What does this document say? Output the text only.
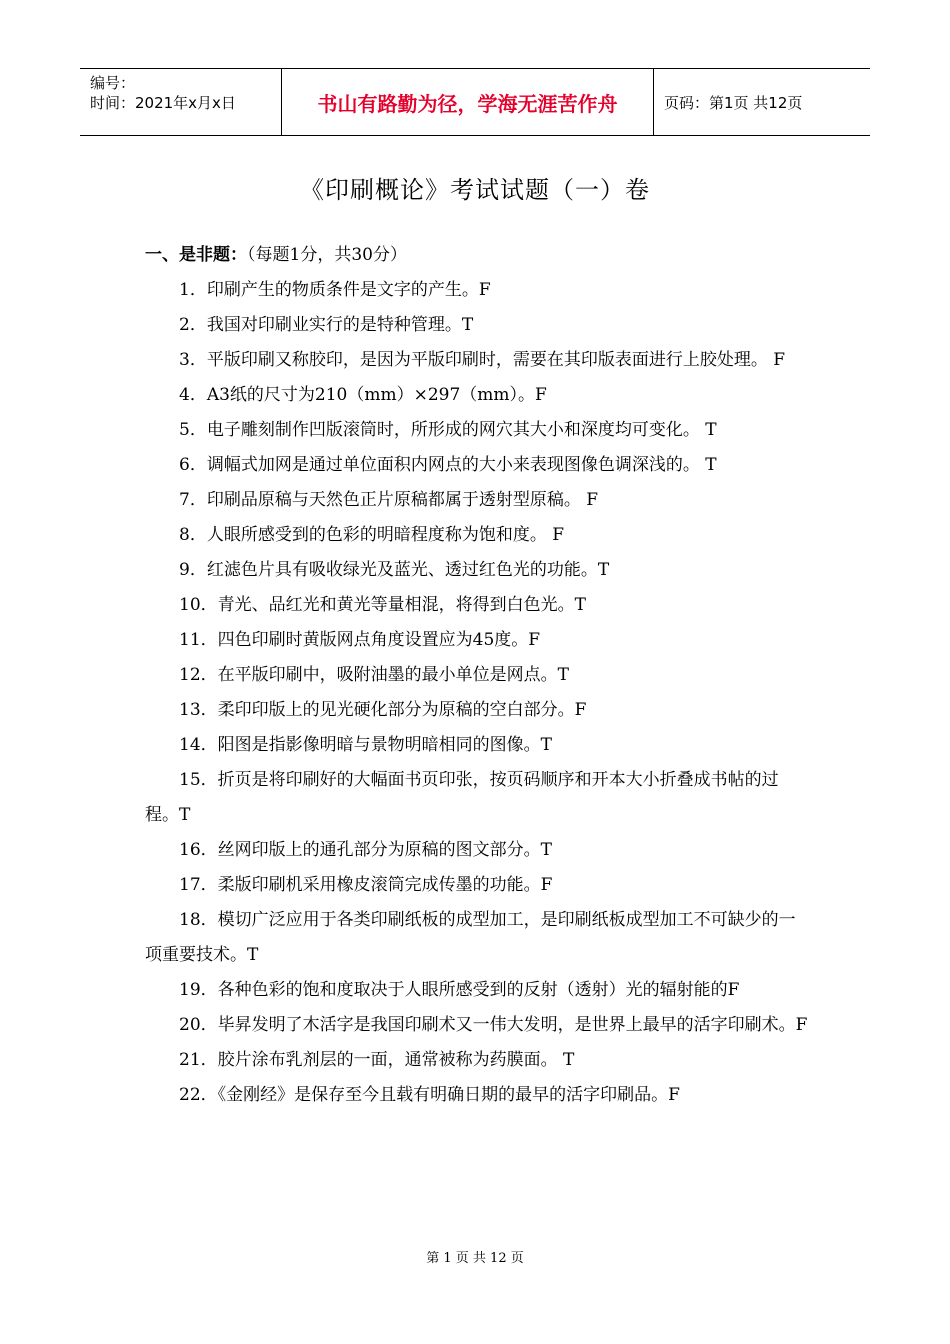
编号：
时间：2021年x月x日	书山有路勤为径，学海无涯苦作舟	页码：第1页 共12页
《印刷概论》考试试题（一）卷
一、是非题：（每题1分，共30分）

1．印刷产生的物质条件是文字的产生。F

2．我国对印刷业实行的是特种管理。T

3．平版印刷又称胶印，是因为平版印刷时，需要在其印版表面进行上胶处理。 F

4．A3纸的尺寸为210（mm）×297（mm）。F

5．电子雕刻制作凹版滚筒时，所形成的网穴其大小和深度均可变化。 T

6．调幅式加网是通过单位面积内网点的大小来表现图像色调深浅的。 T

7．印刷品原稿与天然色正片原稿都属于透射型原稿。 F

8．人眼所感受到的色彩的明暗程度称为饱和度。 F

9．红滤色片具有吸收绿光及蓝光、透过红色光的功能。T

10．青光、品红光和黄光等量相混，将得到白色光。T

11．四色印刷时黄版网点角度设置应为45度。F

12．在平版印刷中，吸附油墨的最小单位是网点。T

13．柔印印版上的见光硬化部分为原稿的空白部分。F

14．阳图是指影像明暗与景物明暗相同的图像。T

15．折页是将印刷好的大幅面书页印张，按页码顺序和开本大小折叠成书帖的过程。T

16．丝网印版上的通孔部分为原稿的图文部分。T

17．柔版印刷机采用橡皮滚筒完成传墨的功能。F

18．模切广泛应用于各类印刷纸板的成型加工，是印刷纸板成型加工不可缺少的一项重要技术。T

19．各种色彩的饱和度取决于人眼所感受到的反射（透射）光的辐射能的F

20．毕昇发明了木活字是我国印刷术又一伟大发明，是世界上最早的活字印刷术。F

21．胶片涂布乳剂层的一面，通常被称为药膜面。 T

22．《金刚经》是保存至今且载有明确日期的最早的活字印刷品。F

第 1 页 共 12 页
